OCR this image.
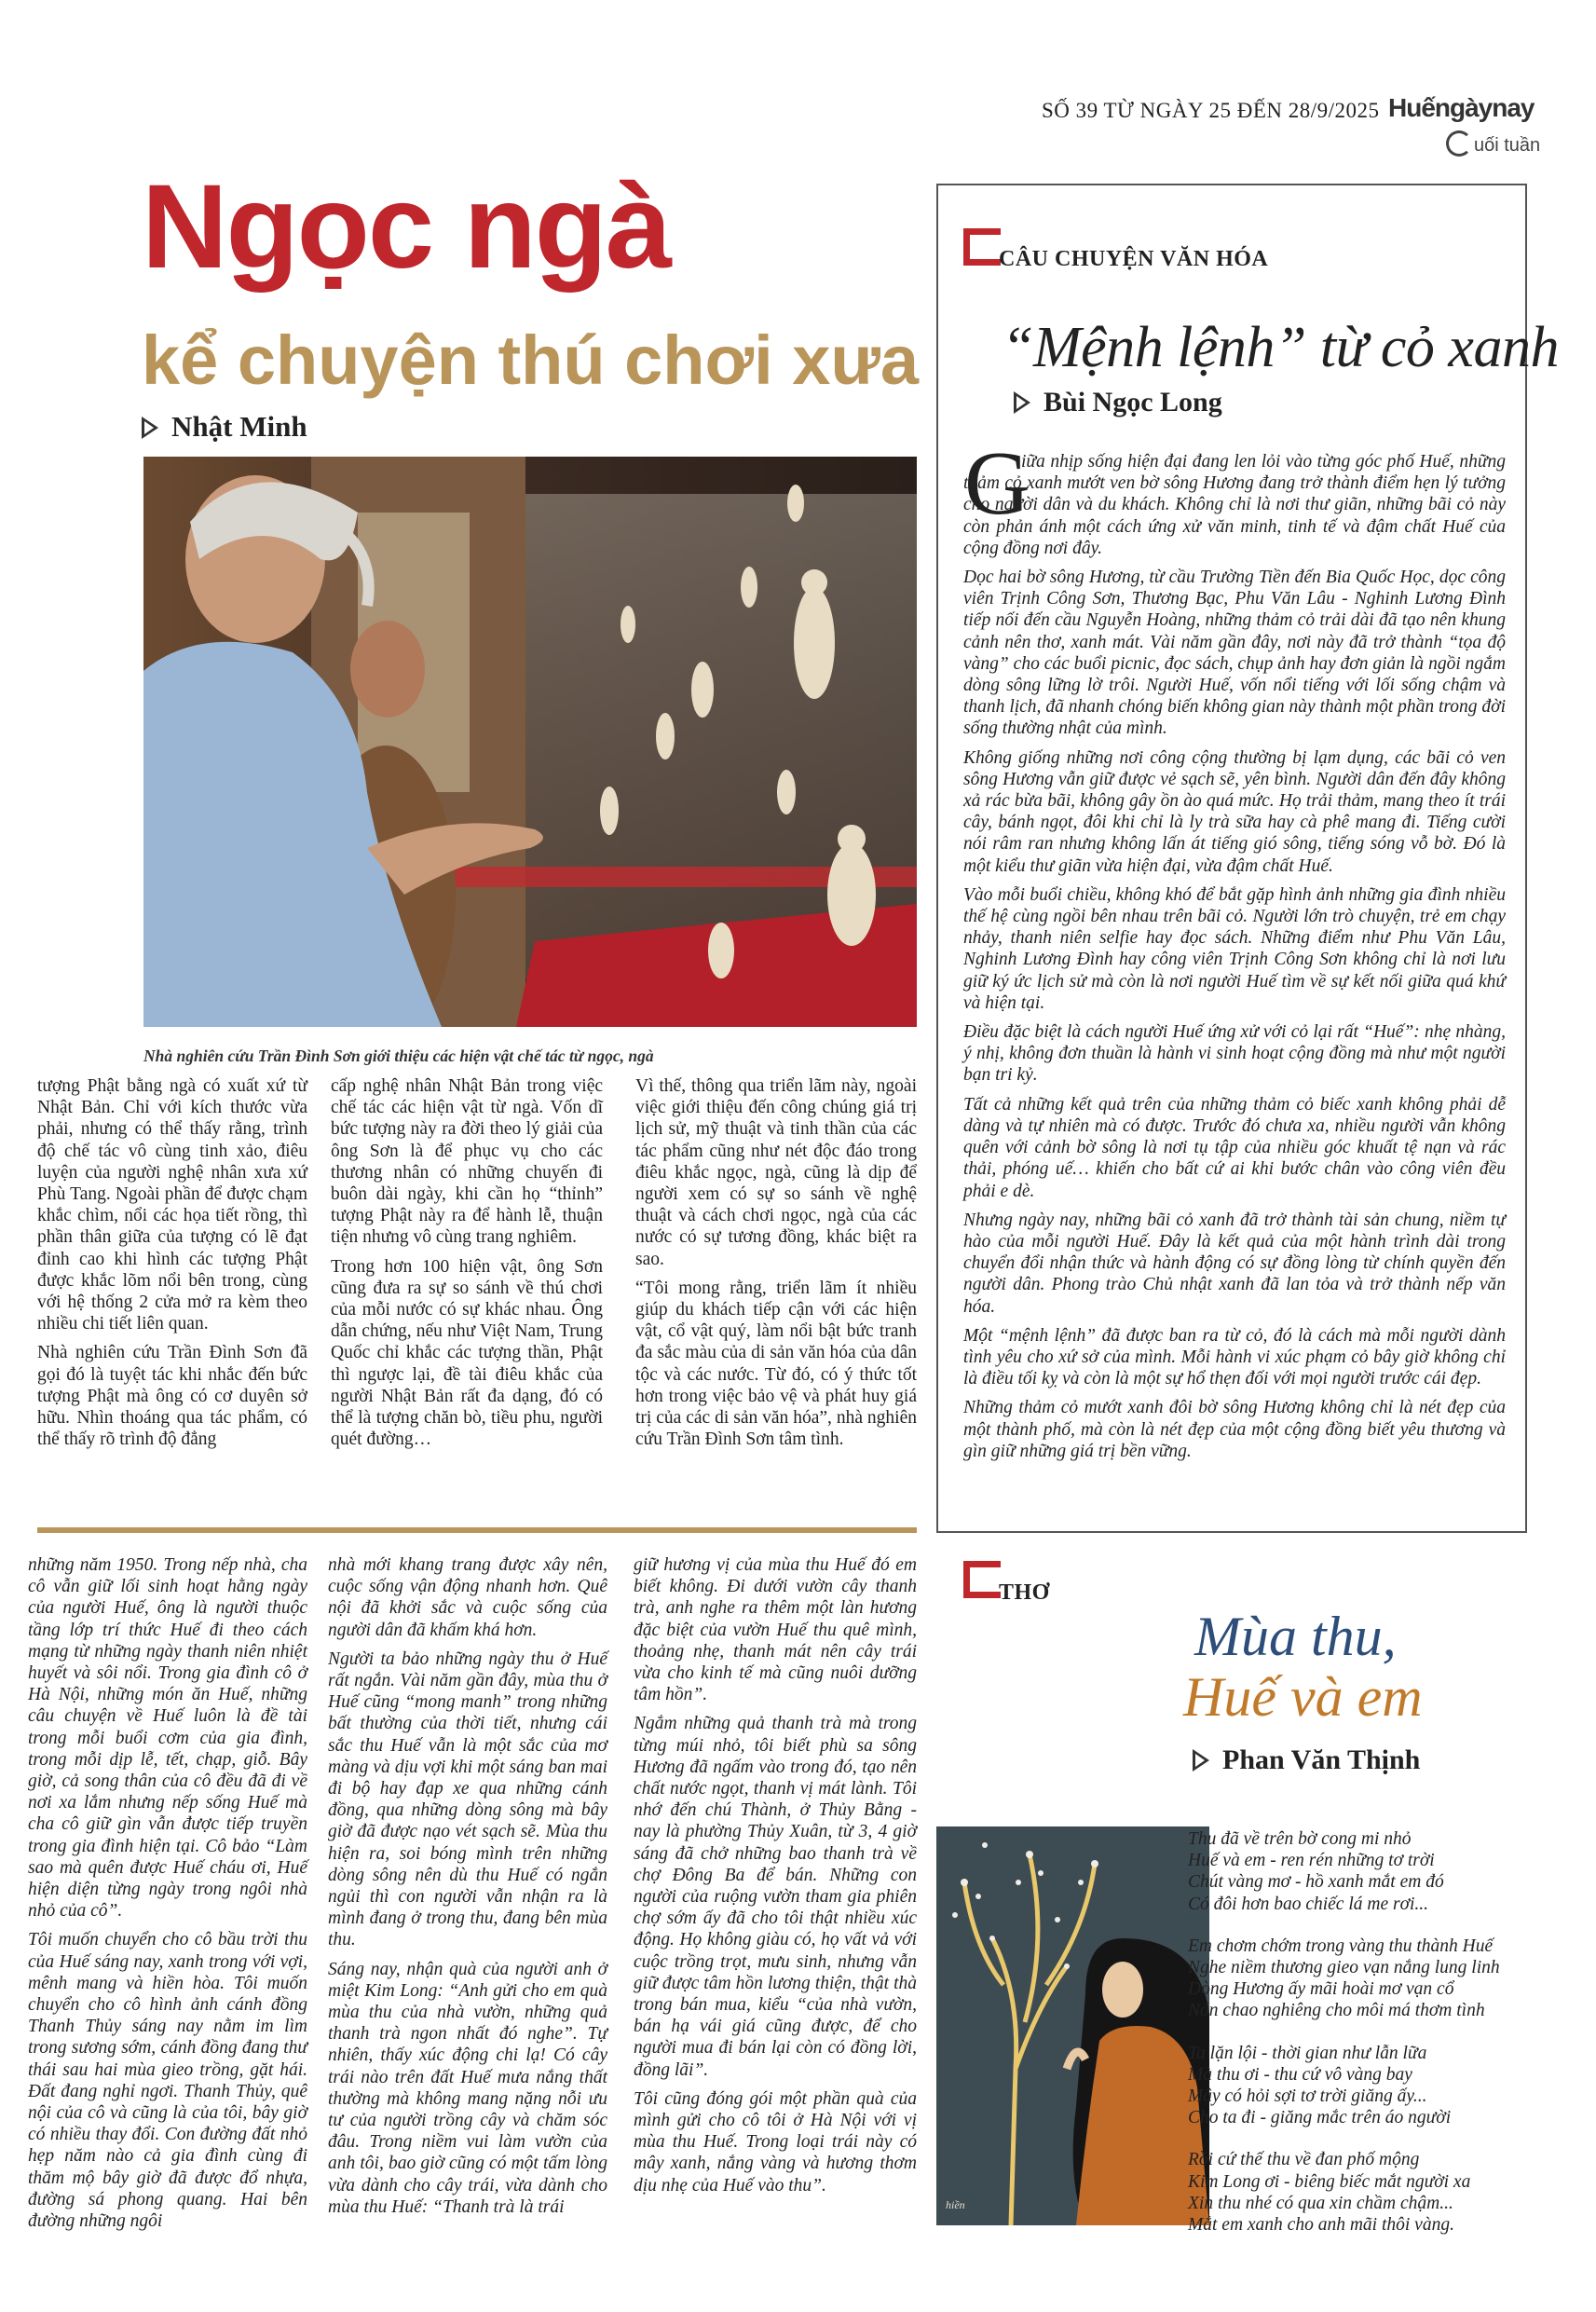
SỐ 39 TỪ NGÀY 25 ĐẾN 28/9/2025 Huếngàynay
uối tuần
Ngọc ngà
kể chuyện thú chơi xưa
Nhật Minh
Nhà nghiên cứu Trần Đình Sơn giới thiệu các hiện vật chế tác từ ngọc, ngà

tượng Phật bằng ngà có xuất xứ từ Nhật Bản. Chỉ với kích thước vừa phải, nhưng có thể thấy rằng, trình độ chế tác vô cùng tinh xảo, điêu luyện của người nghệ nhân xưa xứ Phù Tang. Ngoài phần để được chạm khắc chìm, nổi các họa tiết rồng, thì phần thân giữa của tượng có lẽ đạt đỉnh cao khi hình các tượng Phật được khắc lõm nổi bên trong, cùng với hệ thống 2 cửa mở ra kèm theo nhiều chi tiết liên quan.

Nhà nghiên cứu Trần Đình Sơn đã gọi đó là tuyệt tác khi nhắc đến bức tượng Phật mà ông có cơ duyên sở hữu. Nhìn thoáng qua tác phẩm, có thể thấy rõ trình độ đẳng

cấp nghệ nhân Nhật Bản trong việc chế tác các hiện vật từ ngà. Vốn dĩ bức tượng này ra đời theo lý giải của ông Sơn là để phục vụ cho các thương nhân có những chuyến đi buôn dài ngày, khi cần họ “thỉnh” tượng Phật này ra để hành lễ, thuận tiện nhưng vô cùng trang nghiêm.

Trong hơn 100 hiện vật, ông Sơn cũng đưa ra sự so sánh về thú chơi của mỗi nước có sự khác nhau. Ông dẫn chứng, nếu như Việt Nam, Trung Quốc chỉ khắc các tượng thần, Phật thì ngược lại, đề tài điêu khắc của người Nhật Bản rất đa dạng, đó có thể là tượng chăn bò, tiều phu, người quét đường…

Vì thế, thông qua triển lãm này, ngoài việc giới thiệu đến công chúng giá trị lịch sử, mỹ thuật và tinh thần của các tác phẩm cũng như nét độc đáo trong điêu khắc ngọc, ngà, cũng là dịp để người xem có sự so sánh về nghệ thuật và cách chơi ngọc, ngà của các nước có sự tương đồng, khác biệt ra sao.

“Tôi mong rằng, triển lãm ít nhiều giúp du khách tiếp cận với các hiện vật, cổ vật quý, làm nổi bật bức tranh đa sắc màu của di sản văn hóa của dân tộc và các nước. Từ đó, có ý thức tốt hơn trong việc bảo vệ và phát huy giá trị của các di sản văn hóa”, nhà nghiên cứu Trần Đình Sơn tâm tình.

CÂU CHUYỆN VĂN HÓA
“Mệnh lệnh” từ cỏ xanh
Bùi Ngọc Long
G

iữa nhịp sống hiện đại đang len lỏi vào từng góc phố Huế, những thảm cỏ xanh mướt ven bờ sông Hương đang trở thành điểm hẹn lý tưởng cho người dân và du khách. Không chỉ là nơi thư giãn, những bãi cỏ này còn phản ánh một cách ứng xử văn minh, tinh tế và đậm chất Huế của cộng đồng nơi đây.

Dọc hai bờ sông Hương, từ cầu Trường Tiền đến Bia Quốc Học, dọc công viên Trịnh Công Sơn, Thương Bạc, Phu Văn Lâu - Nghinh Lương Đình tiếp nối đến cầu Nguyễn Hoàng, những thảm cỏ trải dài đã tạo nên khung cảnh nên thơ, xanh mát. Vài năm gần đây, nơi này đã trở thành “tọa độ vàng” cho các buổi picnic, đọc sách, chụp ảnh hay đơn giản là ngồi ngắm dòng sông lững lờ trôi. Người Huế, vốn nổi tiếng với lối sống chậm và thanh lịch, đã nhanh chóng biến không gian này thành một phần trong đời sống thường nhật của mình.

Không giống những nơi công cộng thường bị lạm dụng, các bãi cỏ ven sông Hương vẫn giữ được vẻ sạch sẽ, yên bình. Người dân đến đây không xả rác bừa bãi, không gây ồn ào quá mức. Họ trải thảm, mang theo ít trái cây, bánh ngọt, đôi khi chỉ là ly trà sữa hay cà phê mang đi. Tiếng cười nói râm ran nhưng không lấn át tiếng gió sông, tiếng sóng vỗ bờ. Đó là một kiểu thư giãn vừa hiện đại, vừa đậm chất Huế.

Vào mỗi buổi chiều, không khó để bắt gặp hình ảnh những gia đình nhiều thế hệ cùng ngồi bên nhau trên bãi cỏ. Người lớn trò chuyện, trẻ em chạy nhảy, thanh niên selfie hay đọc sách. Những điểm như Phu Văn Lâu, Nghinh Lương Đình hay công viên Trịnh Công Sơn không chỉ là nơi lưu giữ ký ức lịch sử mà còn là nơi người Huế tìm về sự kết nối giữa quá khứ và hiện tại.

Điều đặc biệt là cách người Huế ứng xử với cỏ lại rất “Huế”: nhẹ nhàng, ý nhị, không đơn thuần là hành vi sinh hoạt cộng đồng mà như một người bạn tri kỷ.

Tất cả những kết quả trên của những thảm cỏ biếc xanh không phải dễ dàng và tự nhiên mà có được. Trước đó chưa xa, nhiều người vẫn không quên với cảnh bờ sông là nơi tụ tập của nhiều góc khuất tệ nạn và rác thải, phóng uế… khiến cho bất cứ ai khi bước chân vào công viên đều phải e dè.

Nhưng ngày nay, những bãi cỏ xanh đã trở thành tài sản chung, niềm tự hào của mỗi người Huế. Đây là kết quả của một hành trình dài trong chuyển đổi nhận thức và hành động có sự đồng lòng từ chính quyền đến người dân. Phong trào Chủ nhật xanh đã lan tỏa và trở thành nếp văn hóa.

Một “mệnh lệnh” đã được ban ra từ cỏ, đó là cách mà mỗi người dành tình yêu cho xứ sở của mình. Mỗi hành vi xúc phạm cỏ bây giờ không chỉ là điều tối kỵ và còn là một sự hổ thẹn đối với mọi người trước cái đẹp.

Những thảm cỏ mướt xanh đôi bờ sông Hương không chỉ là nét đẹp của một thành phố, mà còn là nét đẹp của một cộng đồng biết yêu thương và gìn giữ những giá trị bền vững.

những năm 1950. Trong nếp nhà, cha cô vẫn giữ lối sinh hoạt hằng ngày của người Huế, ông là người thuộc tầng lớp trí thức Huế đi theo cách mạng từ những ngày thanh niên nhiệt huyết và sôi nổi. Trong gia đình cô ở Hà Nội, những món ăn Huế, những câu chuyện về Huế luôn là đề tài trong mỗi buổi cơm của gia đình, trong mỗi dịp lễ, tết, chạp, giỗ. Bây giờ, cả song thân của cô đều đã đi về nơi xa lắm nhưng nếp sống Huế mà cha cô giữ gìn vẫn được tiếp truyền trong gia đình hiện tại. Cô bảo “Làm sao mà quên được Huế cháu ơi, Huế hiện diện từng ngày trong ngôi nhà nhỏ của cô”.

Tôi muốn chuyển cho cô bầu trời thu của Huế sáng nay, xanh trong với vợi, mênh mang và hiền hòa. Tôi muốn chuyển cho cô hình ảnh cánh đồng Thanh Thủy sáng nay nằm im lìm trong sương sớm, cánh đồng đang thư thái sau hai mùa gieo trồng, gặt hái. Đất đang nghỉ ngơi. Thanh Thủy, quê nội của cô và cũng là của tôi, bây giờ có nhiều thay đổi. Con đường đất nhỏ hẹp năm nào cả gia đình cùng đi thăm mộ bây giờ đã được đổ nhựa, đường sá phong quang. Hai bên đường những ngôi

nhà mới khang trang được xây nên, cuộc sống vận động nhanh hơn. Quê nội đã khởi sắc và cuộc sống của người dân đã khấm khá hơn.

Người ta bảo những ngày thu ở Huế rất ngắn. Vài năm gần đây, mùa thu ở Huế cũng “mong manh” trong những bất thường của thời tiết, nhưng cái sắc thu Huế vẫn là một sắc của mơ màng và dịu vợi khi một sáng ban mai đi bộ hay đạp xe qua những cánh đồng, qua những dòng sông mà bây giờ đã được nạo vét sạch sẽ. Mùa thu hiện ra, soi bóng mình trên những dòng sông nên dù thu Huế có ngắn ngủi thì con người vẫn nhận ra là mình đang ở trong thu, đang bên mùa thu.

Sáng nay, nhận quà của người anh ở miệt Kim Long: “Anh gửi cho em quà mùa thu của nhà vườn, những quả thanh trà ngon nhất đó nghe”. Tự nhiên, thấy xúc động chi lạ! Có cây trái nào trên đất Huế mưa nắng thất thường mà không mang nặng nỗi ưu tư của người trồng cây và chăm sóc đâu. Trong niềm vui làm vườn của anh tôi, bao giờ cũng có một tấm lòng vừa dành cho cây trái, vừa dành cho mùa thu Huế: “Thanh trà là trái

giữ hương vị của mùa thu Huế đó em biết không. Đi dưới vườn cây thanh trà, anh nghe ra thêm một làn hương đặc biệt của vườn Huế thu quê mình, thoảng nhẹ, thanh mát nên cây trái vừa cho kinh tế mà cũng nuôi dưỡng tâm hồn”.

Ngắm những quả thanh trà mà trong từng múi nhỏ, tôi biết phù sa sông Hương đã ngấm vào trong đó, tạo nên chất nước ngọt, thanh vị mát lành. Tôi nhớ đến chú Thành, ở Thủy Bằng - nay là phường Thủy Xuân, từ 3, 4 giờ sáng đã chở những bao thanh trà về chợ Đông Ba để bán. Những con người của ruộng vườn tham gia phiên chợ sớm ấy đã cho tôi thật nhiều xúc động. Họ không giàu có, họ vất vả với cuộc trồng trọt, mưu sinh, nhưng vẫn giữ được tâm hồn lương thiện, thật thà trong bán mua, kiểu “của nhà vườn, bán hạ vái giá cũng được, để cho người mua đi bán lại còn có đồng lời, đồng lãi”.

Tôi cũng đóng gói một phần quà của mình gửi cho cô tôi ở Hà Nội với vị mùa thu Huế. Trong loại trái này có mây xanh, nắng vàng và hương thơm dịu nhẹ của Huế vào thu”.

THƠ
Mùa thu,
Huế và em
Phan Văn Thịnh
hiền
Thu đã về trên bờ cong mi nhỏ
Huế và em - ren rén những tơ trời
Chút vàng mơ - hồ xanh mắt em đó
Có đôi hơn bao chiếc lá me rơi...
Em chơm chớm trong vàng thu thành Huế
Nghe niềm thương gieo vạn nắng lung linh
Dòng Hương ấy mãi hoài mơ vạn cổ
Nón chao nghiêng cho môi má thơm tình
Ta lặn lội - thời gian như lẫn lữa
Mà thu ơi - thu cứ vô vàng bay
Mây có hỏi sợi tơ trời giăng ấy...
Cho ta đi - giăng mắc trên áo người
Rồi cứ thế thu về đan phố mộng
Kim Long ơi - biêng biếc mắt người xa
Xin thu nhé có qua xin chầm chậm...
Mắt em xanh cho anh mãi thôi vàng.
